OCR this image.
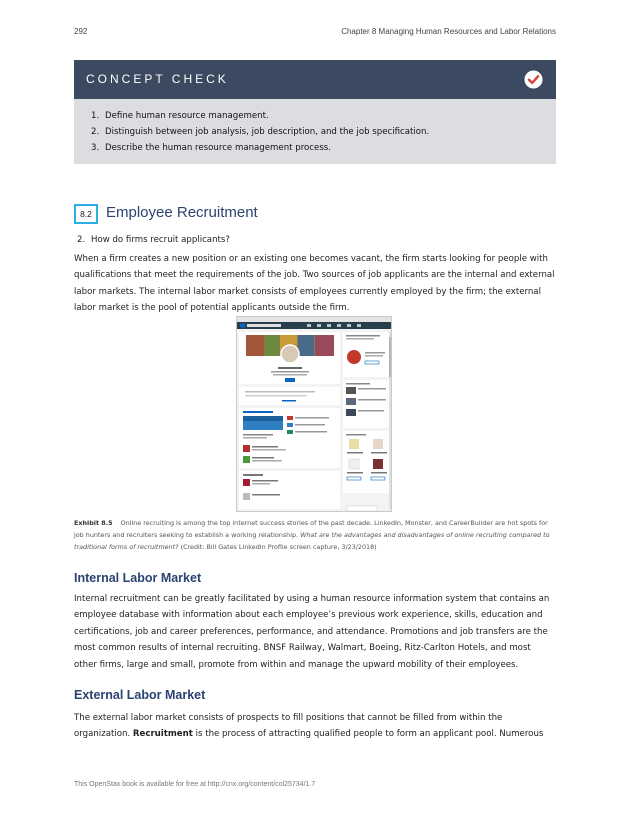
292	Chapter 8 Managing Human Resources and Labor Relations
CONCEPT CHECK
1. Define human resource management.
2. Distinguish between job analysis, job description, and the job specification.
3. Describe the human resource management process.
8.2 Employee Recruitment
2. How do firms recruit applicants?

When a firm creates a new position or an existing one becomes vacant, the firm starts looking for people with qualifications that meet the requirements of the job. Two sources of job applicants are the internal and external labor markets. The internal labor market consists of employees currently employed by the firm; the external labor market is the pool of potential applicants outside the firm.

Exhibit 8.5 Online recruiting is among the top internet success stories of the past decade. LinkedIn, Monster, and CareerBuilder are hot spots for job hunters and recruiters seeking to establish a working relationship. What are the advantages and disadvantages of online recruiting compared to traditional forms of recruitment? (Credit: Bill Gates LinkedIn Profile screen capture, 3/23/2018)

Internal Labor Market

Internal recruitment can be greatly facilitated by using a human resource information system that contains an employee database with information about each employee’s previous work experience, skills, education and certifications, job and career preferences, performance, and attendance. Promotions and job transfers are the most common results of internal recruiting. BNSF Railway, Walmart, Boeing, Ritz-Carlton Hotels, and most other firms, large and small, promote from within and manage the upward mobility of their employees.

External Labor Market

The external labor market consists of prospects to fill positions that cannot be filled from within the organization. Recruitment is the process of attracting qualified people to form an applicant pool. Numerous

This OpenStax book is available for free at http://cnx.org/content/col25734/1.7
